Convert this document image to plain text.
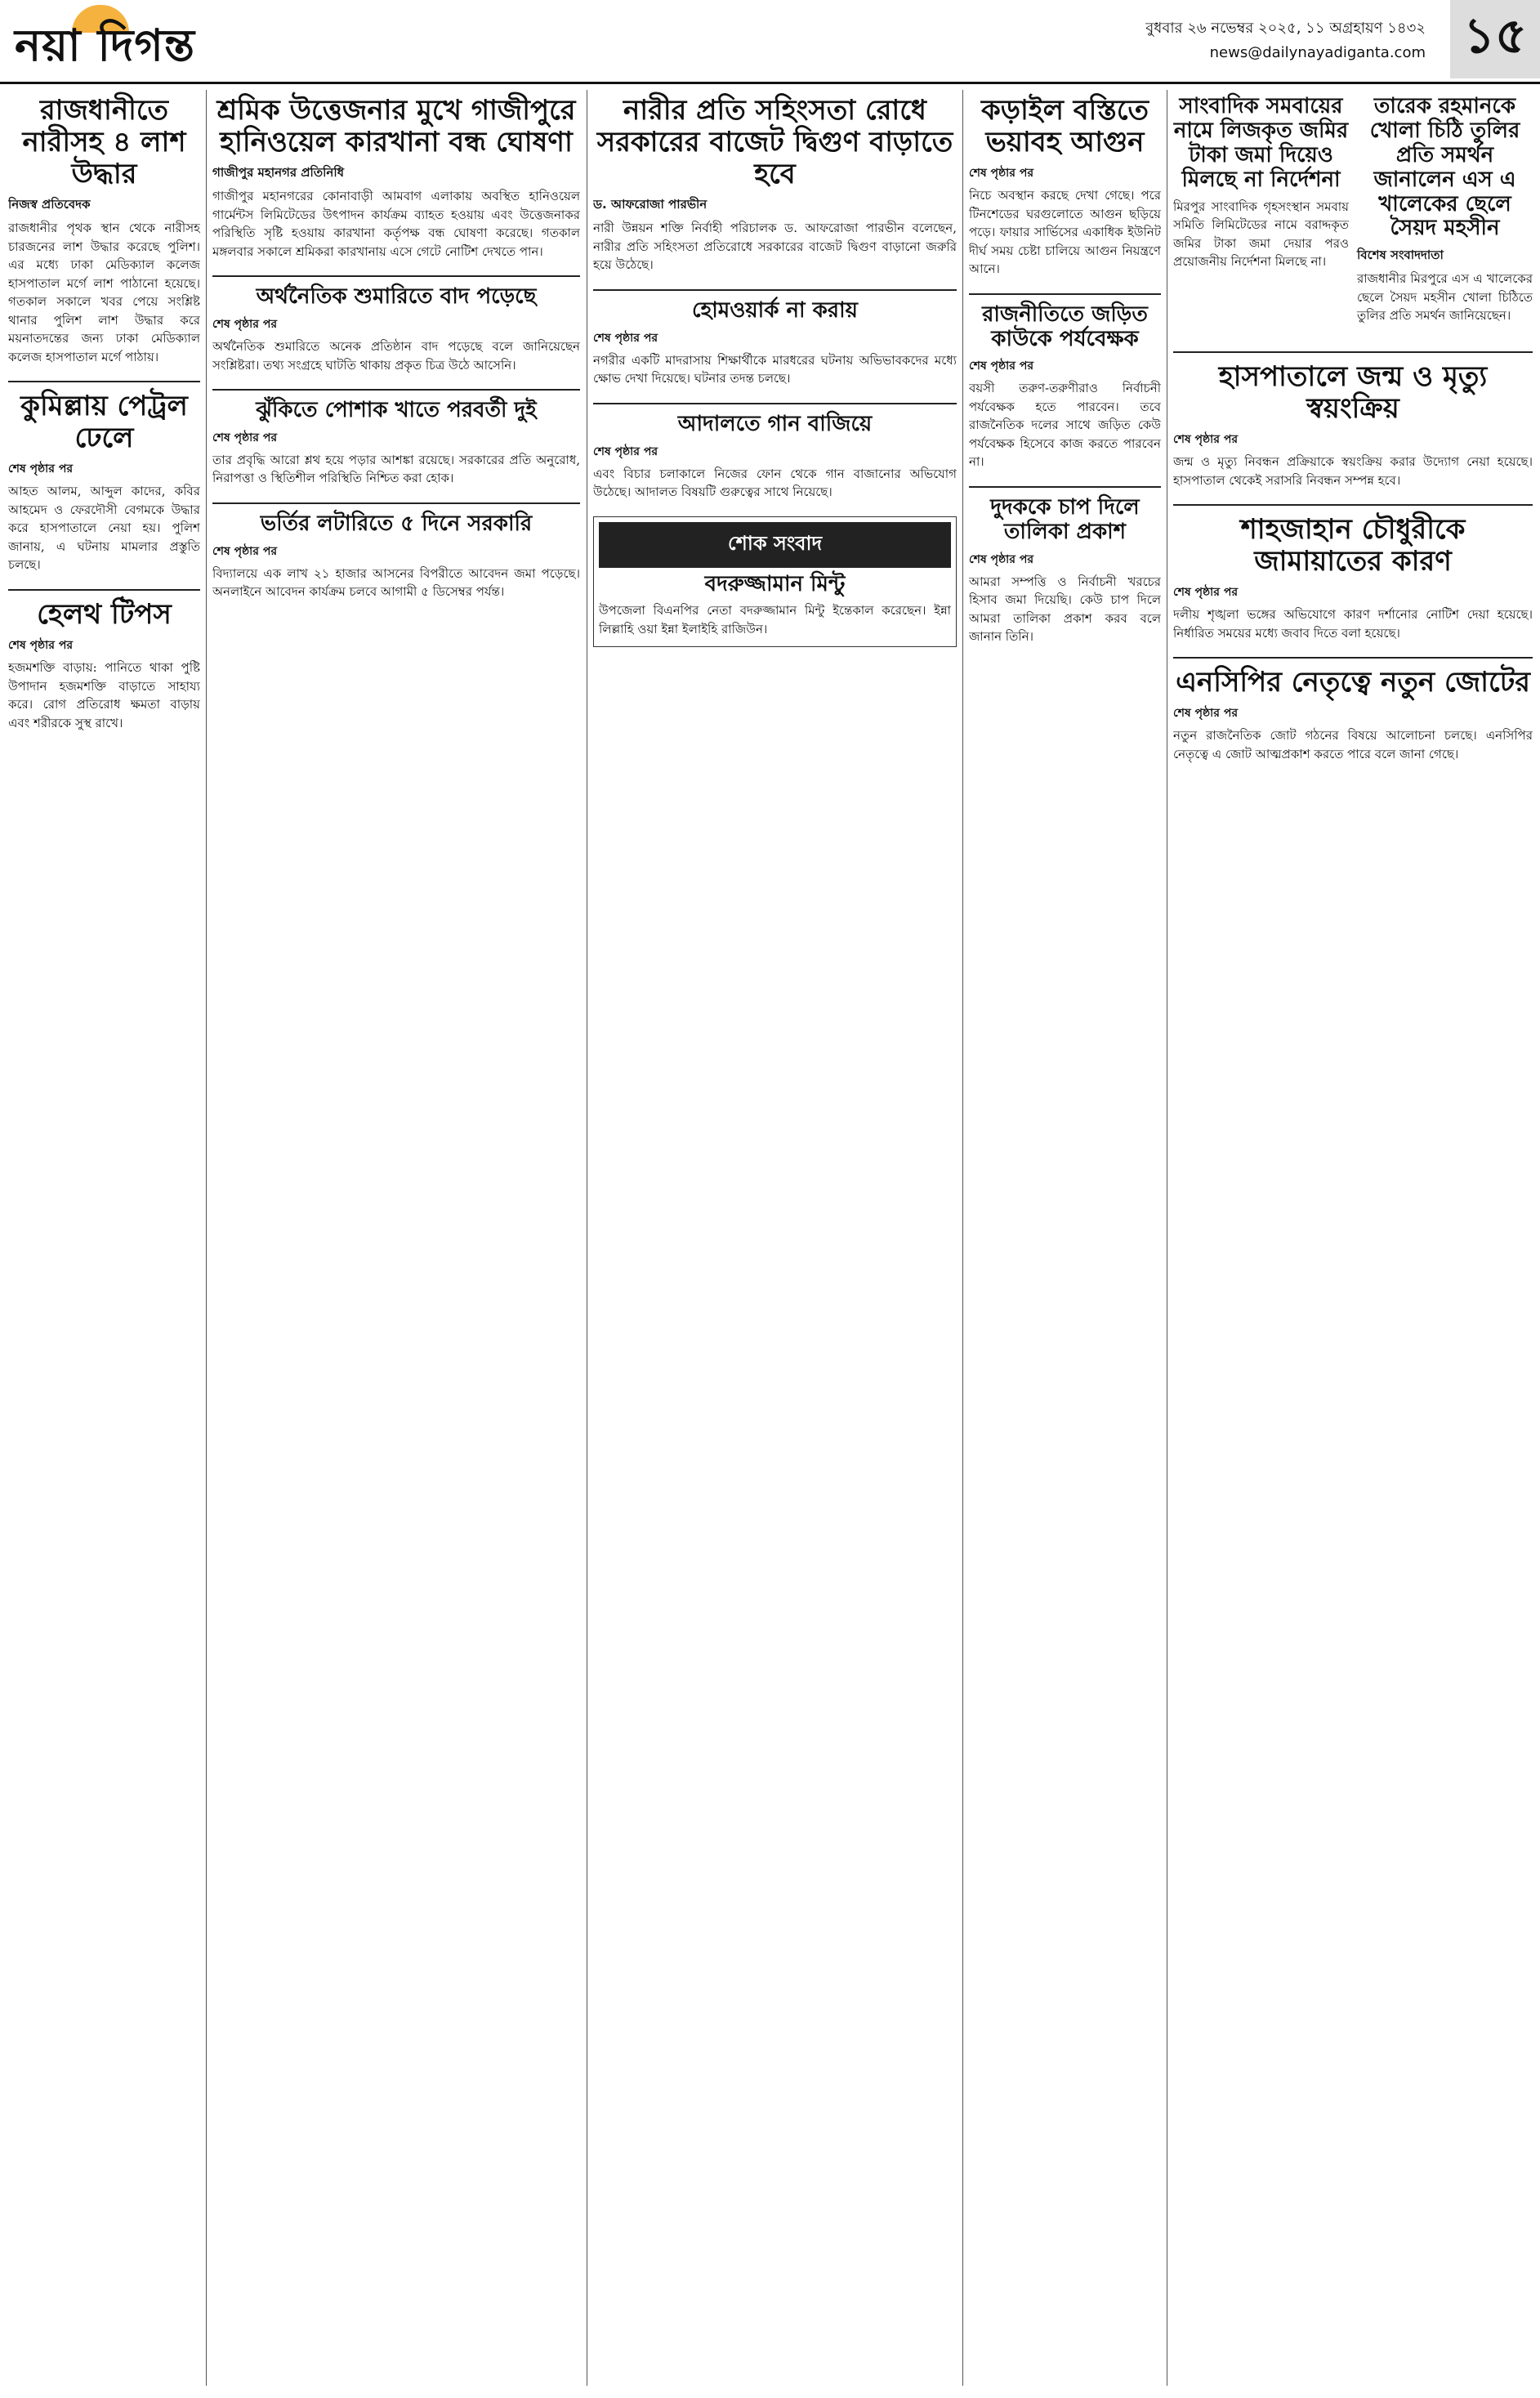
নয়া দিগন্ত	বুধবার ২৬ নভেম্বর ২০২৫, ১১ অগ্রহায়ণ ১৪৩২
news@dailynayadiganta.com ১৫
রাজধানীতে নারীসহ ৪ লাশ উদ্ধার
নিজস্ব প্রতিবেদক

রাজধানীর পৃথক স্থান থেকে নারীসহ চারজনের লাশ উদ্ধার করেছে পুলিশ। এর মধ্যে ঢাকা মেডিক্যাল কলেজ হাসপাতাল মর্গে লাশ পাঠানো হয়েছে। গতকাল সকালে খবর পেয়ে সংশ্লিষ্ট থানার পুলিশ লাশ উদ্ধার করে ময়নাতদন্তের জন্য ঢাকা মেডিক্যাল কলেজ হাসপাতাল মর্গে পাঠায়।

কুমিল্লায় পেট্রল ঢেলে
শেষ পৃষ্ঠার পর

আহত আলম, আব্দুল কাদের, কবির আহমেদ ও ফেরদৌসী বেগমকে উদ্ধার করে হাসপাতালে নেয়া হয়। পুলিশ জানায়, এ ঘটনায় মামলার প্রস্তুতি চলছে।

হেলথ টিপস
শেষ পৃষ্ঠার পর

হজমশক্তি বাড়ায়: পানিতে থাকা পুষ্টি উপাদান হজমশক্তি বাড়াতে সাহায্য করে। রোগ প্রতিরোধ ক্ষমতা বাড়ায় এবং শরীরকে সুস্থ রাখে।

শ্রমিক উত্তেজনার মুখে গাজীপুরে হানিওয়েল কারখানা বন্ধ ঘোষণা
গাজীপুর মহানগর প্রতিনিধি

গাজীপুর মহানগরের কোনাবাড়ী আমবাগ এলাকায় অবস্থিত হানিওয়েল গার্মেন্টস লিমিটেডের উৎপাদন কার্যক্রম ব্যাহত হওয়ায় এবং উত্তেজনাকর পরিস্থিতি সৃষ্টি হওয়ায় কারখানা কর্তৃপক্ষ বন্ধ ঘোষণা করেছে। গতকাল মঙ্গলবার সকালে শ্রমিকরা কারখানায় এসে গেটে নোটিশ দেখতে পান।

অর্থনৈতিক শুমারিতে বাদ পড়েছে
শেষ পৃষ্ঠার পর

অর্থনৈতিক শুমারিতে অনেক প্রতিষ্ঠান বাদ পড়েছে বলে জানিয়েছেন সংশ্লিষ্টরা। তথ্য সংগ্রহে ঘাটতি থাকায় প্রকৃত চিত্র উঠে আসেনি।

ঝুঁকিতে পোশাক খাতে পরবর্তী দুই
শেষ পৃষ্ঠার পর

তার প্রবৃদ্ধি আরো শ্লথ হয়ে পড়ার আশঙ্কা রয়েছে। সরকারের প্রতি অনুরোধ, নিরাপত্তা ও স্থিতিশীল পরিস্থিতি নিশ্চিত করা হোক।

ভর্তির লটারিতে ৫ দিনে সরকারি
শেষ পৃষ্ঠার পর

বিদ্যালয়ে এক লাখ ২১ হাজার আসনের বিপরীতে আবেদন জমা পড়েছে। অনলাইনে আবেদন কার্যক্রম চলবে আগামী ৫ ডিসেম্বর পর্যন্ত।

নারীর প্রতি সহিংসতা রোধে সরকারের বাজেট দ্বিগুণ বাড়াতে হবে
ড. আফরোজা পারভীন

নারী উন্নয়ন শক্তি নির্বাহী পরিচালক ড. আফরোজা পারভীন বলেছেন, নারীর প্রতি সহিংসতা প্রতিরোধে সরকারের বাজেট দ্বিগুণ বাড়ানো জরুরি হয়ে উঠেছে।

হোমওয়ার্ক না করায়
শেষ পৃষ্ঠার পর

নগরীর একটি মাদরাসায় শিক্ষার্থীকে মারধরের ঘটনায় অভিভাবকদের মধ্যে ক্ষোভ দেখা দিয়েছে। ঘটনার তদন্ত চলছে।

আদালতে গান বাজিয়ে
শেষ পৃষ্ঠার পর

এবং বিচার চলাকালে নিজের ফোন থেকে গান বাজানোর অভিযোগ উঠেছে। আদালত বিষয়টি গুরুত্বের সাথে নিয়েছে।

শোক সংবাদ
বদরুজ্জামান মিন্টু

উপজেলা বিএনপির নেতা বদরুজ্জামান মিন্টু ইন্তেকাল করেছেন। ইন্না লিল্লাহি ওয়া ইন্না ইলাইহি রাজিউন।

কড়াইল বস্তিতে ভয়াবহ আগুন
শেষ পৃষ্ঠার পর

নিচে অবস্থান করছে দেখা গেছে। পরে টিনশেডের ঘরগুলোতে আগুন ছড়িয়ে পড়ে। ফায়ার সার্ভিসের একাধিক ইউনিট দীর্ঘ সময় চেষ্টা চালিয়ে আগুন নিয়ন্ত্রণে আনে।

রাজনীতিতে জড়িত কাউকে পর্যবেক্ষক
শেষ পৃষ্ঠার পর

বয়সী তরুণ-তরুণীরাও নির্বাচনী পর্যবেক্ষক হতে পারবেন। তবে রাজনৈতিক দলের সাথে জড়িত কেউ পর্যবেক্ষক হিসেবে কাজ করতে পারবেন না।

দুদককে চাপ দিলে তালিকা প্রকাশ
শেষ পৃষ্ঠার পর

আমরা সম্পত্তি ও নির্বাচনী খরচের হিসাব জমা দিয়েছি। কেউ চাপ দিলে আমরা তালিকা প্রকাশ করব বলে জানান তিনি।

সাংবাদিক সমবায়ের নামে লিজকৃত জমির টাকা জমা দিয়েও মিলছে না নির্দেশনা

মিরপুর সাংবাদিক গৃহসংস্থান সমবায় সমিতি লিমিটেডের নামে বরাদ্দকৃত জমির টাকা জমা দেয়ার পরও প্রয়োজনীয় নির্দেশনা মিলছে না।

তারেক রহমানকে খোলা চিঠি তুলির প্রতি সমর্থন জানালেন এস এ খালেকের ছেলে সৈয়দ মহসীন
বিশেষ সংবাদদাতা

রাজধানীর মিরপুরে এস এ খালেকের ছেলে সৈয়দ মহসীন খোলা চিঠিতে তুলির প্রতি সমর্থন জানিয়েছেন।

হাসপাতালে জন্ম ও মৃত্যু স্বয়ংক্রিয়
শেষ পৃষ্ঠার পর

জন্ম ও মৃত্যু নিবন্ধন প্রক্রিয়াকে স্বয়ংক্রিয় করার উদ্যোগ নেয়া হয়েছে। হাসপাতাল থেকেই সরাসরি নিবন্ধন সম্পন্ন হবে।

শাহজাহান চৌধুরীকে জামায়াতের কারণ
শেষ পৃষ্ঠার পর

দলীয় শৃঙ্খলা ভঙ্গের অভিযোগে কারণ দর্শানোর নোটিশ দেয়া হয়েছে। নির্ধারিত সময়ের মধ্যে জবাব দিতে বলা হয়েছে।

এনসিপির নেতৃত্বে নতুন জোটের
শেষ পৃষ্ঠার পর

নতুন রাজনৈতিক জোট গঠনের বিষয়ে আলোচনা চলছে। এনসিপির নেতৃত্বে এ জোট আত্মপ্রকাশ করতে পারে বলে জানা গেছে।
